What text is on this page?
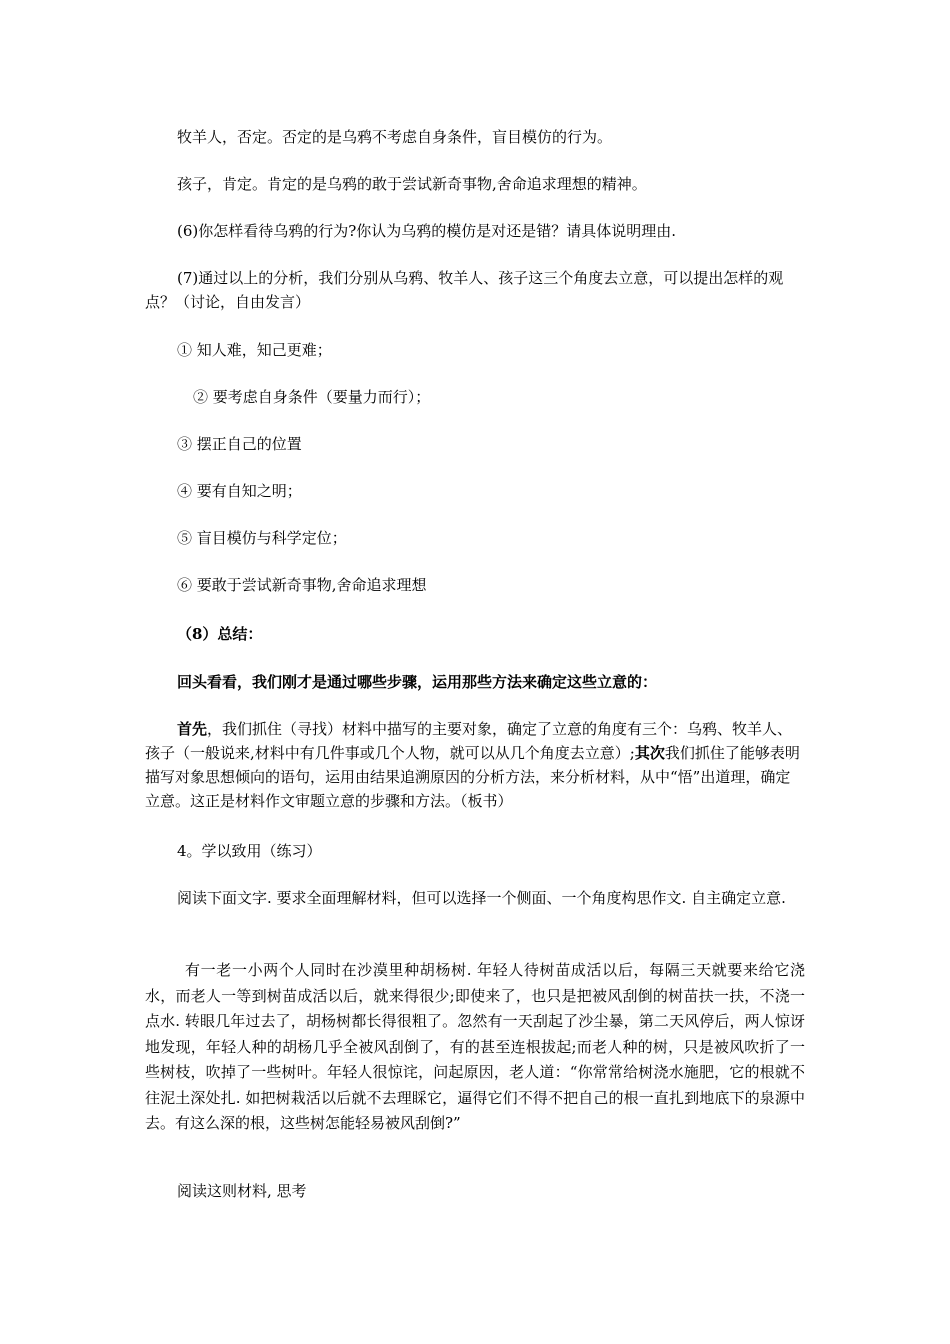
牧羊人，否定。否定的是乌鸦不考虑自身条件，盲目模仿的行为。

孩子，肯定。肯定的是乌鸦的敢于尝试新奇事物,舍命追求理想的精神。

(6)你怎样看待乌鸦的行为?你认为乌鸦的模仿是对还是错？请具体说明理由.

(7)通过以上的分析，我们分别从乌鸦、牧羊人、孩子这三个角度去立意，可以提出怎样的观点？（讨论，自由发言）

① 知人难，知己更难；

② 要考虑自身条件（要量力而行）；

③ 摆正自己的位置

④ 要有自知之明；

⑤ 盲目模仿与科学定位；

⑥ 要敢于尝试新奇事物,舍命追求理想

（8）总结：

回头看看，我们刚才是通过哪些步骤，运用那些方法来确定这些立意的：

首先，我们抓住（寻找）材料中描写的主要对象，确定了立意的角度有三个：乌鸦、牧羊人、孩子（一般说来,材料中有几件事或几个人物，就可以从几个角度去立意）;其次我们抓住了能够表明描写对象思想倾向的语句，运用由结果追溯原因的分析方法，来分析材料，从中“悟”出道理，确定立意。这正是材料作文审题立意的步骤和方法。（板书）

4。学以致用（练习）

阅读下面文字. 要求全面理解材料，但可以选择一个侧面、一个角度构思作文. 自主确定立意.

有一老一小两个人同时在沙漠里种胡杨树. 年轻人待树苗成活以后，每隔三天就要来给它浇水，而老人一等到树苗成活以后，就来得很少;即使来了，也只是把被风刮倒的树苗扶一扶，不浇一点水. 转眼几年过去了，胡杨树都长得很粗了。忽然有一天刮起了沙尘暴，第二天风停后，两人惊讶地发现，年轻人种的胡杨几乎全被风刮倒了，有的甚至连根拔起;而老人种的树，只是被风吹折了一些树枝，吹掉了一些树叶。年轻人很惊诧，问起原因，老人道：“你常常给树浇水施肥，它的根就不往泥土深处扎. 如把树栽活以后就不去理睬它，逼得它们不得不把自己的根一直扎到地底下的泉源中去。有这么深的根，这些树怎能轻易被风刮倒?”

阅读这则材料, 思考
